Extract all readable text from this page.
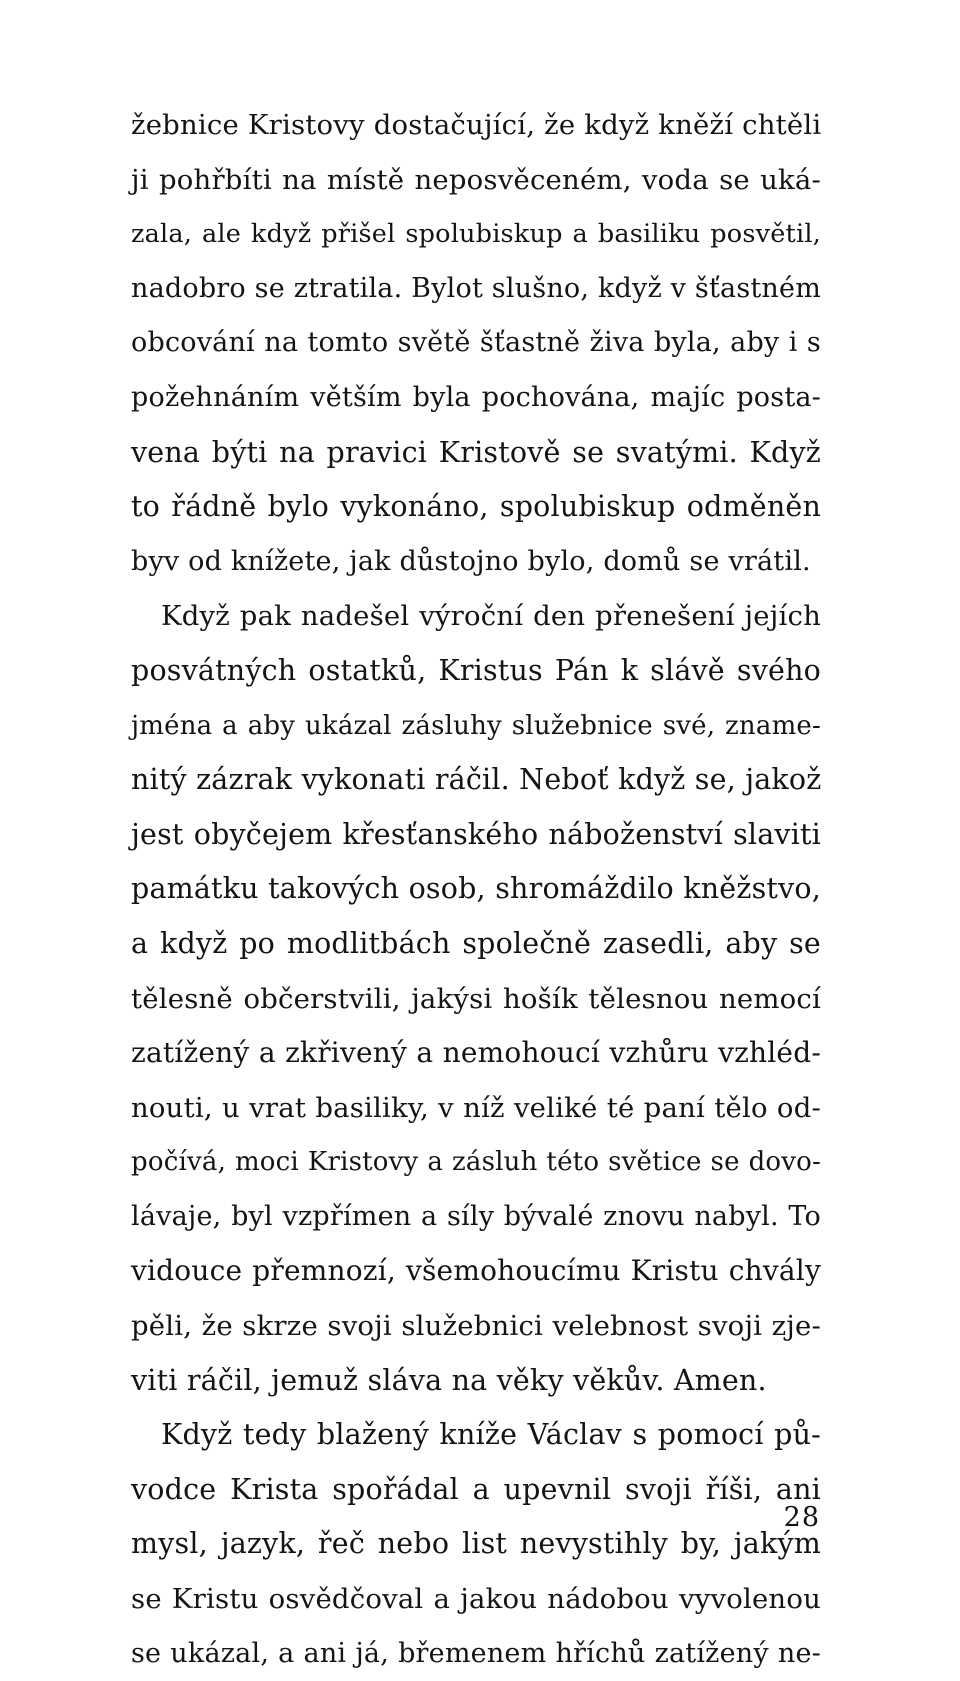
žebnice Kristovy dostačující, že když kněží chtěli
ji pohřbíti na místě neposvěceném, voda se uká-
zala, ale když přišel spolubiskup a basiliku posvětil,
nadobro se ztratila. Bylot slušno, když v šťastném
obcování na tomto světě šťastně živa byla, aby i s
požehnáním větším byla pochována, majíc posta-
vena býti na pravici Kristově se svatými. Když
to řádně bylo vykonáno, spolubiskup odměněn
byv od knížete, jak důstojno bylo, domů se vrátil.
Když pak nadešel výroční den přenešení jejích
posvátných ostatků, Kristus Pán k slávě svého
jména a aby ukázal zásluhy služebnice své, zname-
nitý zázrak vykonati ráčil. Neboť když se, jakož
jest obyčejem křesťanského náboženství slaviti
památku takových osob, shromáždilo kněžstvo,
a když po modlitbách společně zasedli, aby se
tělesně občerstvili, jakýsi hošík tělesnou nemocí
zatížený a zkřivený a nemohoucí vzhůru vzhléd-
nouti, u vrat basiliky, v níž veliké té paní tělo od-
počívá, moci Kristovy a zásluh této světice se dovo-
lávaje, byl vzpřímen a síly bývalé znovu nabyl. To
vidouce přemnozí, všemohoucímu Kristu chvály
pěli, že skrze svoji služebnici velebnost svoji zje-
viti ráčil, jemuž sláva na věky věkův. Amen.
Když tedy blažený kníže Václav s pomocí pů-
vodce Krista spořádal a upevnil svoji říši, ani
mysl, jazyk, řeč nebo list nevystihly by, jakým
se Kristu osvědčoval a jakou nádobou vyvolenou
se ukázal, a ani já, břemenem hříchů zatížený ne-
28
